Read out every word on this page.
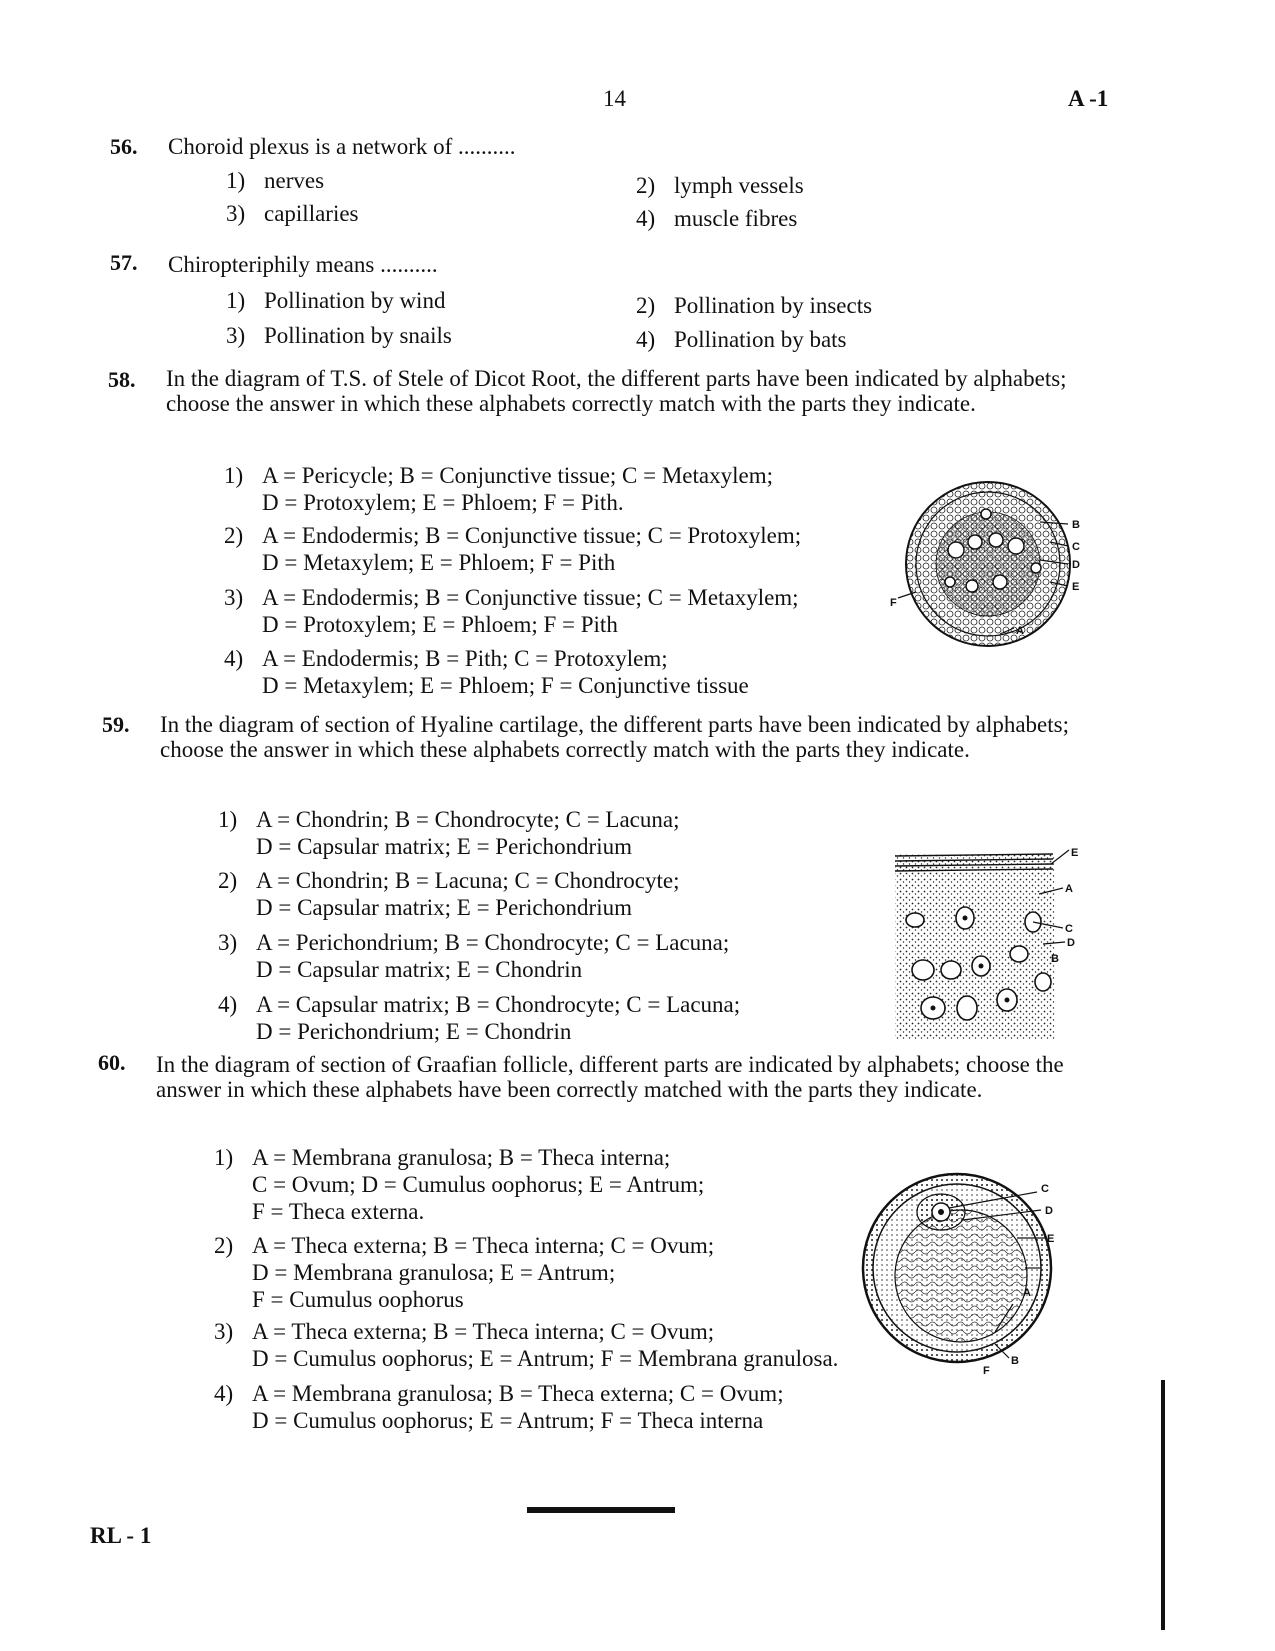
14	A -1
56. Choroid plexus is a network of ..........
1) nerves	2) lymph vessels
3) capillaries	4) muscle fibres
57. Chiropteriphily means ..........
1) Pollination by wind	2) Pollination by insects
3) Pollination by snails	4) Pollination by bats
58. In the diagram of T.S. of Stele of Dicot Root, the different parts have been indicated by alphabets; choose the answer in which these alphabets correctly match with the parts they indicate.
1) A = Pericycle; B = Conjunctive tissue; C = Metaxylem;
D = Protoxylem; E = Phloem; F = Pith.
2) A = Endodermis; B = Conjunctive tissue; C = Protoxylem;
D = Metaxylem; E = Phloem; F = Pith
3) A = Endodermis; B = Conjunctive tissue; C = Metaxylem;
D = Protoxylem; E = Phloem; F = Pith
4) A = Endodermis; B = Pith; C = Protoxylem;
D = Metaxylem; E = Phloem; F = Conjunctive tissue
B
C
D
E
A
F
59. In the diagram of section of Hyaline cartilage, the different parts have been indicated by alphabets; choose the answer in which these alphabets correctly match with the parts they indicate.
1) A = Chondrin; B = Chondrocyte; C = Lacuna;
D = Capsular matrix; E = Perichondrium
2) A = Chondrin; B = Lacuna; C = Chondrocyte;
D = Capsular matrix; E = Perichondrium
3) A = Perichondrium; B = Chondrocyte; C = Lacuna;
D = Capsular matrix; E = Chondrin
4) A = Capsular matrix; B = Chondrocyte; C = Lacuna;
D = Perichondrium; E = Chondrin
E
A
C
D
B
60. In the diagram of section of Graafian follicle, different parts are indicated by alphabets; choose the answer in which these alphabets have been correctly matched with the parts they indicate.
1) A = Membrana granulosa; B = Theca interna;
C = Ovum; D = Cumulus oophorus; E = Antrum;
F = Theca externa.
2) A = Theca externa; B = Theca interna; C = Ovum;
D = Membrana granulosa; E = Antrum;
F = Cumulus oophorus
3) A = Theca externa; B = Theca interna; C = Ovum;
D = Cumulus oophorus; E = Antrum; F = Membrana granulosa.
4) A = Membrana granulosa; B = Theca externa; C = Ovum;
D = Cumulus oophorus; E = Antrum; F = Theca interna
C
D
E
A
B
F
RL - 1
